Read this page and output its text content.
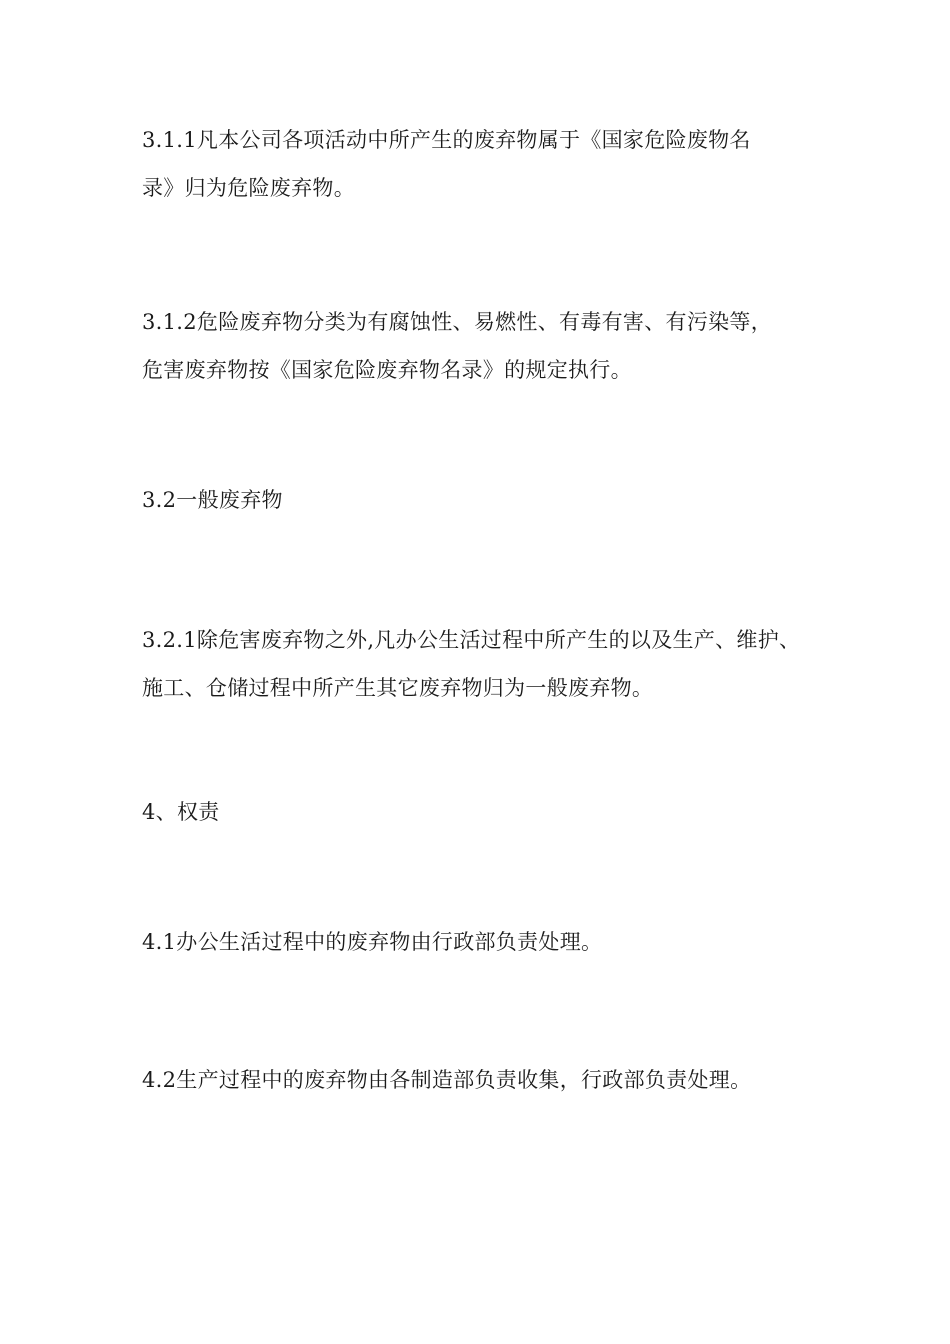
3.1.1凡本公司各项活动中所产生的废弃物属于《国家危险废物名
录》归为危险废弃物。
3.1.2危险废弃物分类为有腐蚀性、易燃性、有毒有害、有污染等，
危害废弃物按《国家危险废弃物名录》的规定执行。
3.2一般废弃物
3.2.1除危害废弃物之外,凡办公生活过程中所产生的以及生产、维护、
施工、仓储过程中所产生其它废弃物归为一般废弃物。
4、权责
4.1办公生活过程中的废弃物由行政部负责处理。
4.2生产过程中的废弃物由各制造部负责收集，行政部负责处理。
